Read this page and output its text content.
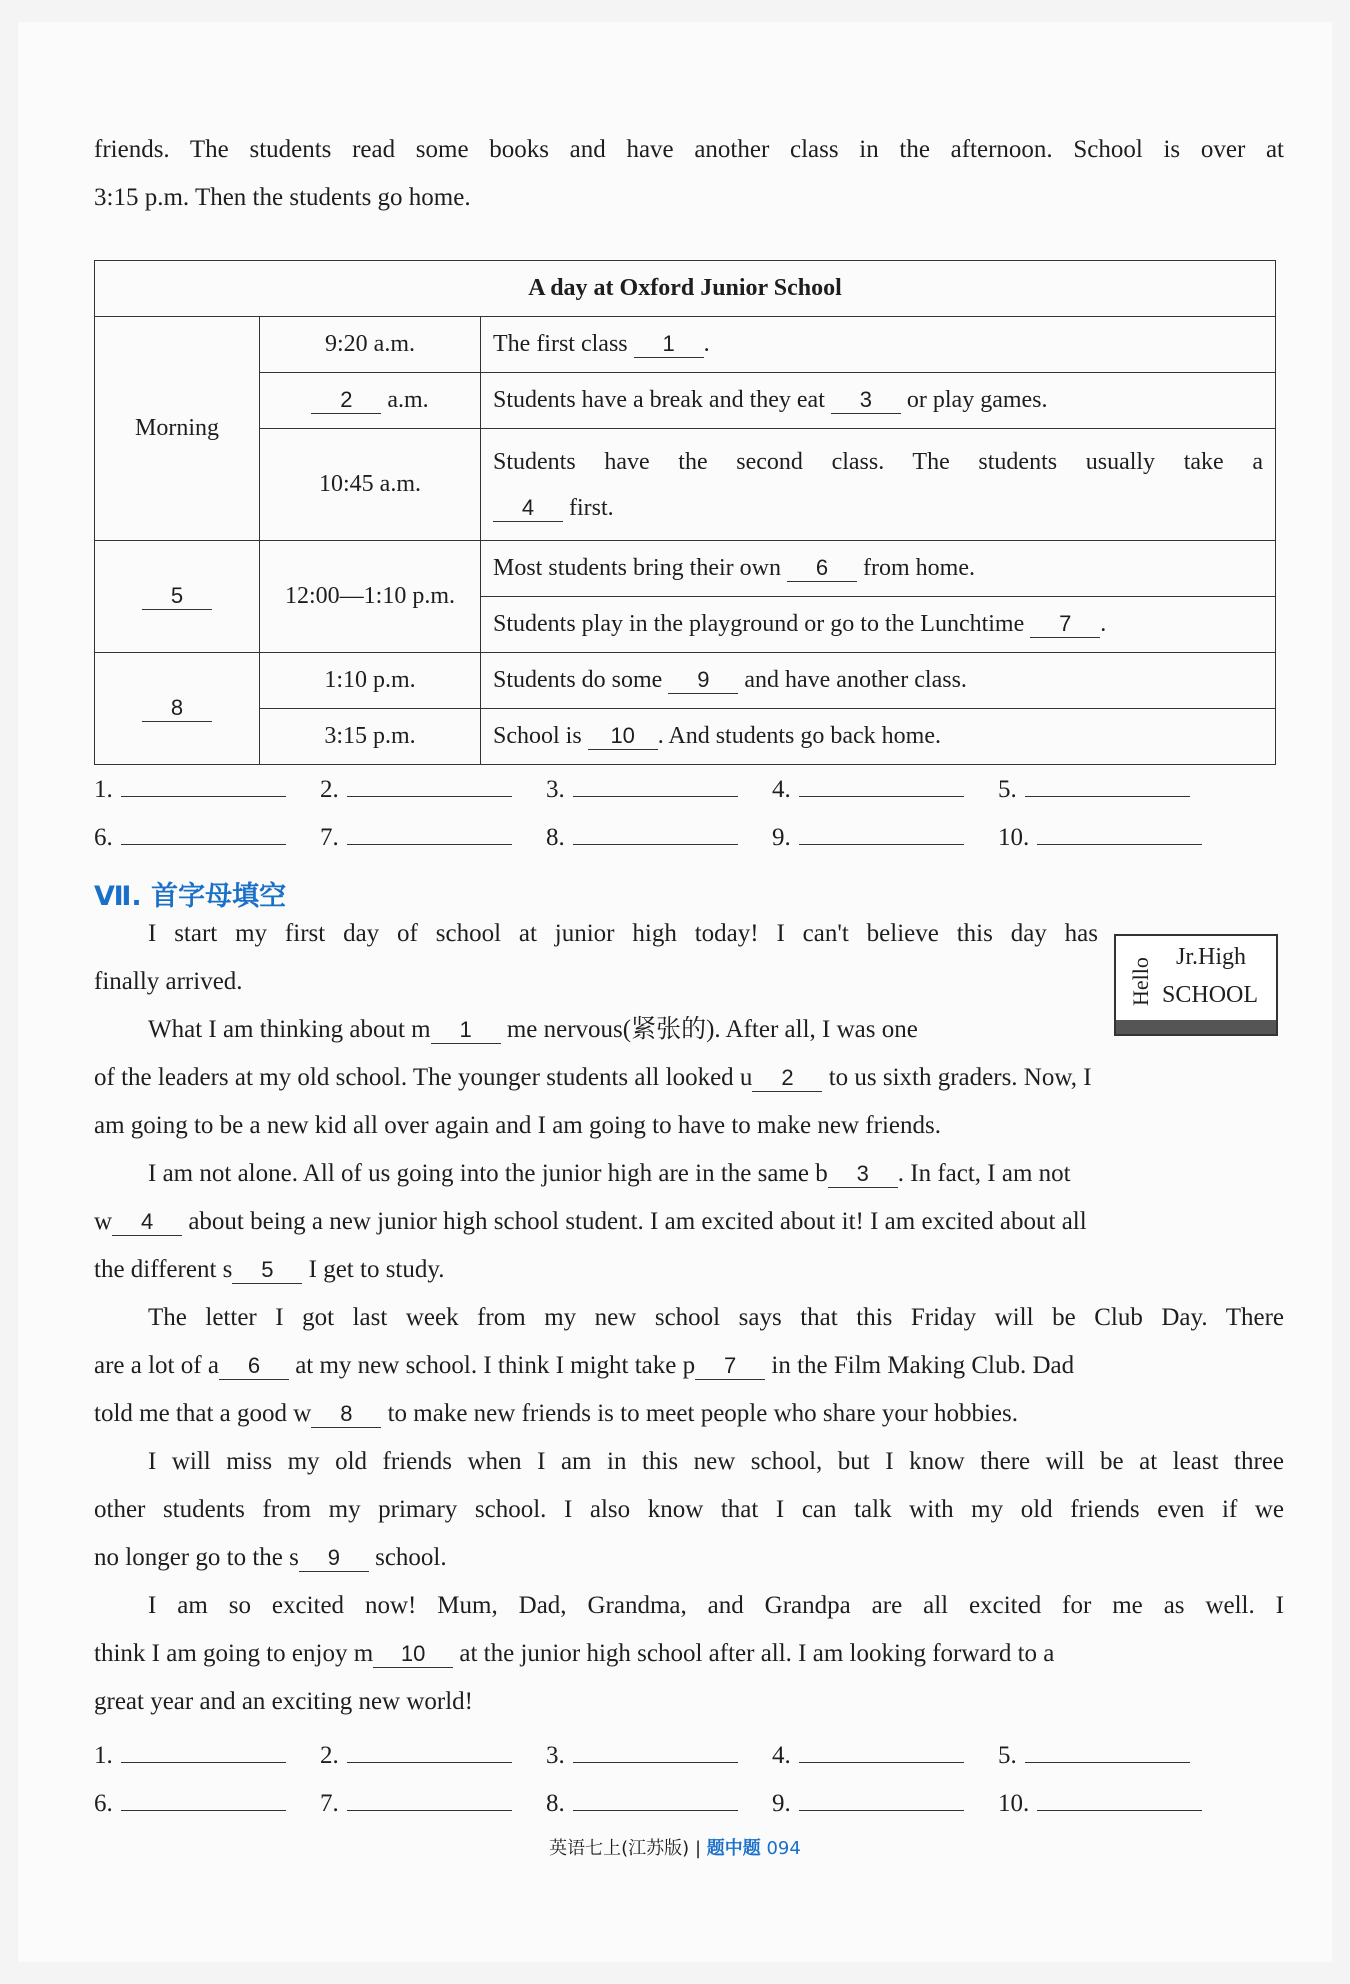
friends. The students read some books and have another class in the afternoon. School is over at
3:15 p.m. Then the students go home.
A day at Oxford Junior School		
Morning	9:20 a.m.	The first class 1 .
	2 a.m.	Students have a break and they eat 3 or play games.
	10:45 a.m.	Students have the second class. The students usually take a
4 first.

5	12:00—1:10 p.m.	Most students bring their own 6 from home.
		Students play in the playground or go to the Lunchtime 7 .
8	1:10 p.m.	Students do some 9 and have another class.
	3:15 p.m.	School is 10 . And students go back home.
1.	2.	3.	4.	5.
6.	7.	8.	9.	10.
Ⅶ. 首字母填空
Hello
Jr.High
SCHOOL
I start my first day of school at junior high today! I can't believe this day has
finally arrived.
What I am thinking about m 1 me nervous(紧张的). After all, I was one
of the leaders at my old school. The younger students all looked u 2 to us sixth graders. Now, I
am going to be a new kid all over again and I am going to have to make new friends.
I am not alone. All of us going into the junior high are in the same b 3 . In fact, I am not
w 4 about being a new junior high school student. I am excited about it! I am excited about all
the different s 5 I get to study.
The letter I got last week from my new school says that this Friday will be Club Day. There
are a lot of a 6 at my new school. I think I might take p 7 in the Film Making Club. Dad
told me that a good w 8 to make new friends is to meet people who share your hobbies.
I will miss my old friends when I am in this new school, but I know there will be at least three
other students from my primary school. I also know that I can talk with my old friends even if we
no longer go to the s 9 school.
I am so excited now! Mum, Dad, Grandma, and Grandpa are all excited for me as well. I
think I am going to enjoy m 10 at the junior high school after all. I am looking forward to a
great year and an exciting new world!
1.	2.	3.	4.	5.
6.	7.	8.	9.	10.
英语七上(江苏版) | 题中题 094
